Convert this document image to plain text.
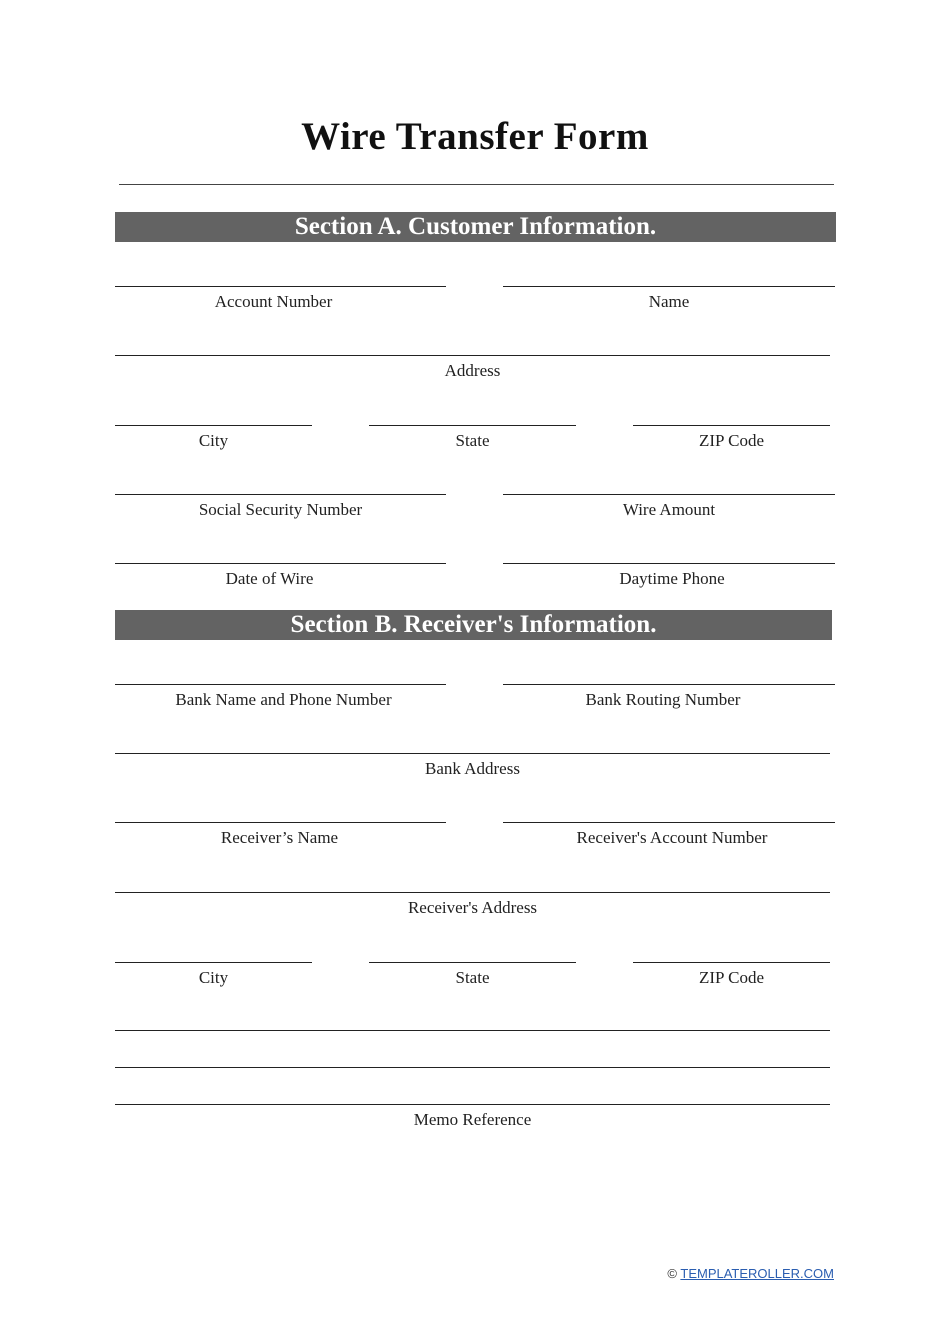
Wire Transfer Form
Section A. Customer Information.
Account Number	Name
Address
City	State	ZIP Code
Social Security Number	Wire Amount
Date of Wire	Daytime Phone
Section B. Receiver's Information.
Bank Name and Phone Number	Bank Routing Number
Bank Address
Receiver’s Name	Receiver's Account Number
Receiver's Address
City	State	ZIP Code
Memo Reference
© TEMPLATEROLLER.COM
